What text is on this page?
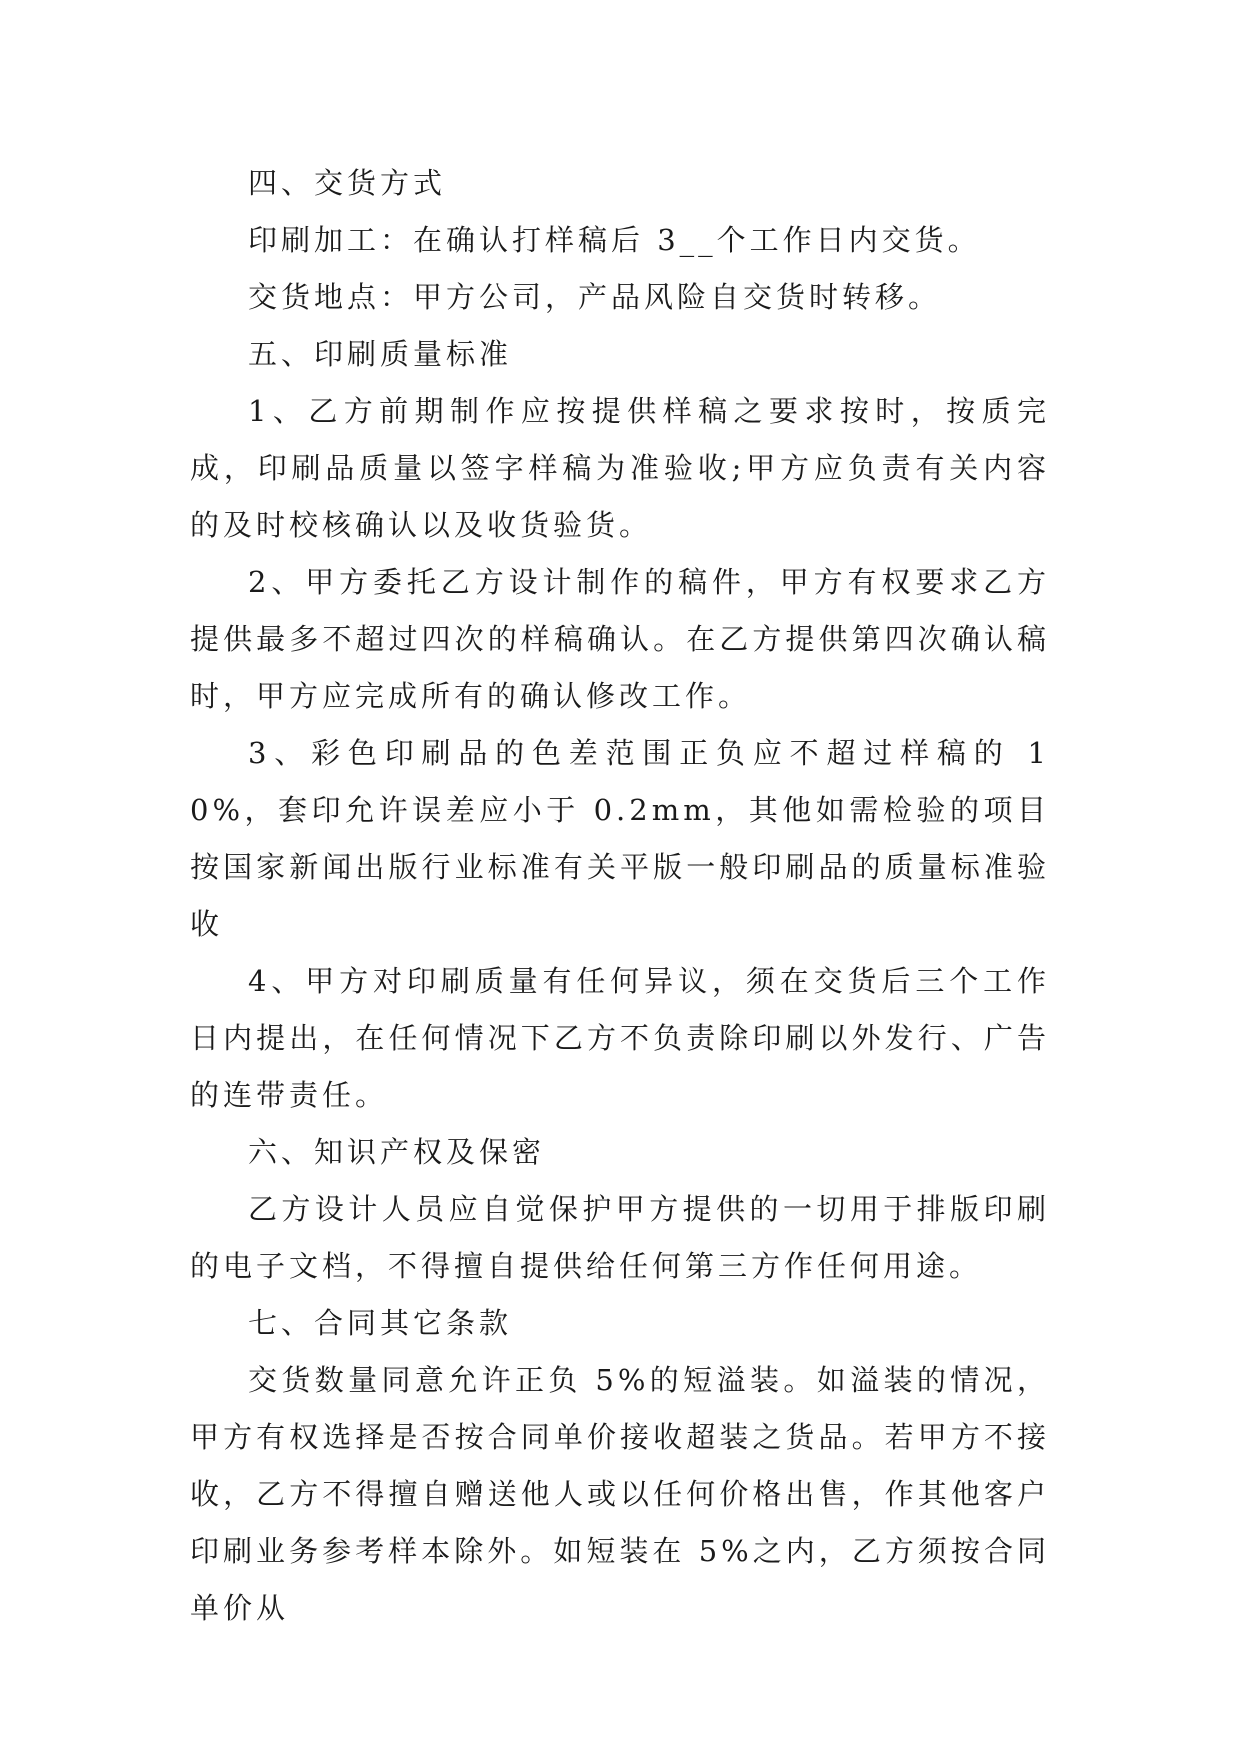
四、交货方式

印刷加工：在确认打样稿后 3__个工作日内交货。

交货地点：甲方公司，产品风险自交货时转移。

五、印刷质量标准

1、乙方前期制作应按提供样稿之要求按时，按质完成，印刷品质量以签字样稿为准验收;甲方应负责有关内容的及时校核确认以及收货验货。

2、甲方委托乙方设计制作的稿件，甲方有权要求乙方提供最多不超过四次的样稿确认。在乙方提供第四次确认稿时，甲方应完成所有的确认修改工作。

3、彩色印刷品的色差范围正负应不超过样稿的 10%，套印允许误差应小于 0.2mm，其他如需检验的项目按国家新闻出版行业标准有关平版一般印刷品的质量标准验收

4、甲方对印刷质量有任何异议，须在交货后三个工作日内提出，在任何情况下乙方不负责除印刷以外发行、广告的连带责任。

六、知识产权及保密

乙方设计人员应自觉保护甲方提供的一切用于排版印刷的电子文档，不得擅自提供给任何第三方作任何用途。

七、合同其它条款

交货数量同意允许正负 5%的短溢装。如溢装的情况，甲方有权选择是否按合同单价接收超装之货品。若甲方不接收，乙方不得擅自赠送他人或以任何价格出售，作其他客户印刷业务参考样本除外。如短装在 5%之内，乙方须按合同单价从
